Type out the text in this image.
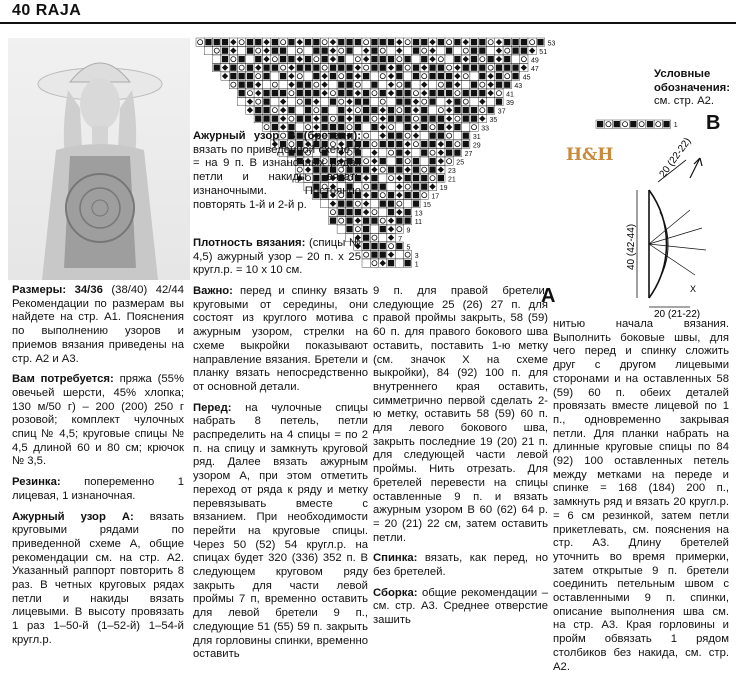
40 RAJA
53
51
49
47
45
43
41
39
37
35
33
31
29
27
25
23
21
19
17
15
13
11
9
7
5
3
1
1
20 (22-22)
40 (42-44)
20 (21-22)
X
H&H
A
B
Условные обозначения:
см. стр. А2.
Ажурный узор В (бретели): вязать по приведенной схеме В = на 9 п. В изнаночных рядах петли и накиды вязать изнаночными. Постоянно повторять 1-й и 2-й р.
Плотность вязания: (спицы № 4,5) ажурный узор – 20 п. х 25 кругл.р. = 10 х 10 см.

Размеры: 34/36 (38/40) 42/44 Рекомендации по размерам вы найдете на стр. А1. Пояснения по выполнению узоров и приемов вязания приведены на стр. А2 и А3.

Вам потребуется: пряжа (55% овечьей шерсти, 45% хлопка; 130 м/50 г) – 200 (200) 250 г розовой; комплект чулочных спиц № 4,5; круговые спицы № 4,5 длиной 60 и 80 см; крючок № 3,5.

Резинка: попеременно 1 лицевая, 1 изнаночная.

Ажурный узор А: вязать круговыми рядами по приведенной схеме А, общие рекомендации см. на стр. А2. Указанный раппорт повторить 8 раз. В четных круговых рядах петли и накиды вязать лицевыми. В высоту провязать 1 раз 1–50-й (1–52-й) 1–54-й кругл.р.

Важно: перед и спинку вязать кругoвыми от середины, они состоят из круглого мотива с ажурным узором, стрелки на схеме выкройки показывают направление вязания. Бретели и планку вязать непосредственно от основной детали.

Перед: на чулочные спицы набрать 8 петель, петли распределить на 4 спицы = по 2 п. на спицу и замкнуть круговой ряд. Далее вязать ажурным узором А, при этом отметить переход от ряда к ряду и метку перевязывать вместе с вязанием. При необходимости перейти на круговые спицы. Через 50 (52) 54 кругл.р. на спицах будет 320 (336) 352 п. В следующем круговом ряду закрыть для части левой проймы 7 п, временно оставить для левой бретели 9 п., следующие 51 (55) 59 п. закрыть для горловины спинки, временно оставить

9 п. для правой бретели, следующие 25 (26) 27 п. для правой проймы закрыть, 58 (59) 60 п. для правого бокового шва оставить, поставить 1-ю метку (см. значок Х на схеме выкройки), 84 (92) 100 п. для внутреннего края оставить, симметрично первой сделать 2-ю метку, оставить 58 (59) 60 п. для левого бокового шва, закрыть последние 19 (20) 21 п. для следующей части левой проймы. Нить отрезать. Для бретелей перевести на спицы оставленные 9 п. и вязать ажурным узором В 60 (62) 64 р. = 20 (21) 22 см, затем оставить петли.

Спинка: вязать, как перед, но без бретелей.

Сборка: общие рекомендации – см. стр. А3. Среднее отверстие зашить

нитью начала вязания. Выполнить боковые швы, для чего перед и спинку сложить друг с другом лицевыми сторонами и на оставленных 58 (59) 60 п. обеих деталей провязать вместе лицевой по 1 п., одновременно закрывая петли. Для планки набрать на длинные круговые спицы по 84 (92) 100 оставленных петель между метками на переде и спинке = 168 (184) 200 п., замкнуть ряд и вязать 20 кругл.р. = 6 см резинкой, затем петли прикетлевать, см. пояснения на стр. А3. Длину бретелей уточнить во время примерки, затем открытые 9 п. бретели соединить петельным швом с оставленными 9 п. спинки, описание выполнения шва см. на стр. А3. Края горловины и пройм обвязать 1 рядом столбиков без накида, см. стр. А2.
